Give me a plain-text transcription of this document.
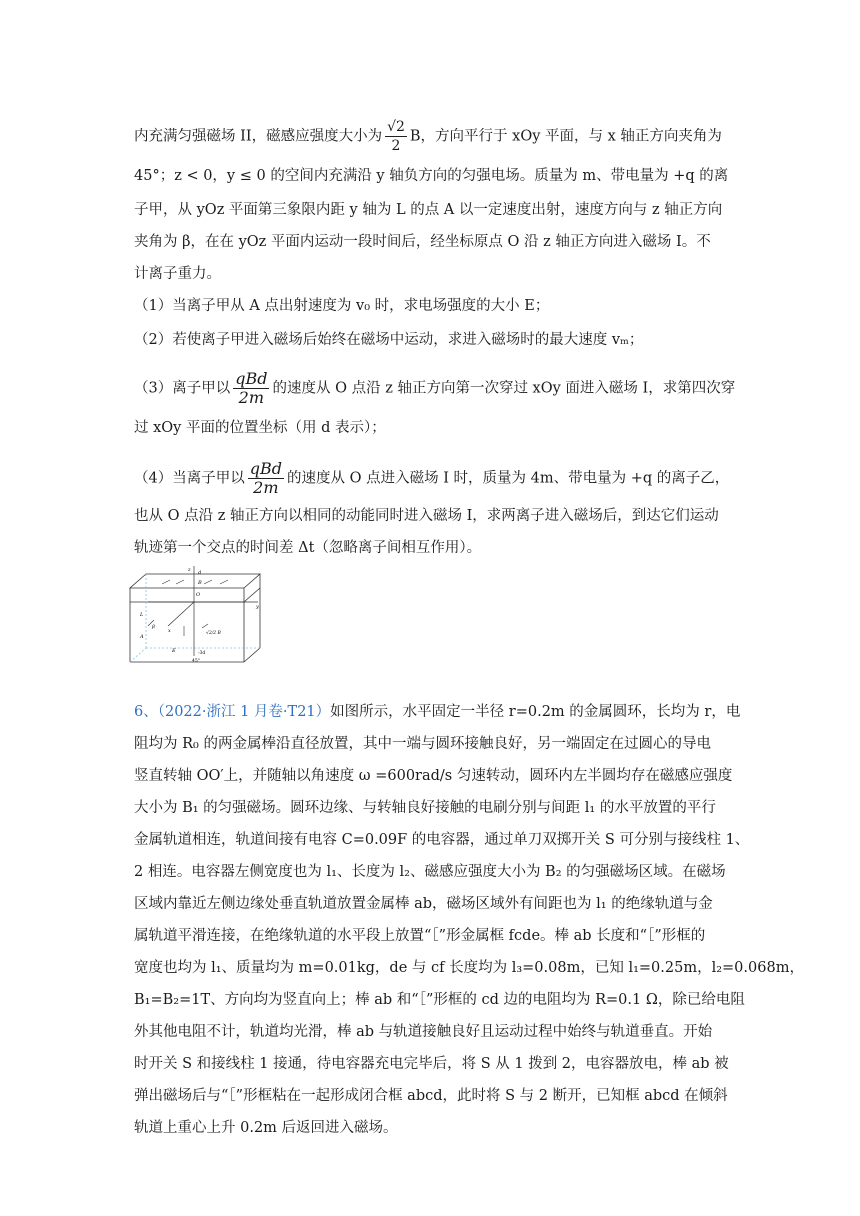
内充满匀强磁场 II，磁感应强度大小为 $\frac{√2}{2}$ B，方向平行于 xOy 平面，与 x 轴正方向夹角为
45°；z < 0，y ≤ 0 的空间内充满沿 y 轴负方向的匀强电场。质量为 m、带电量为 +q 的离
子甲，从 yOz 平面第三象限内距 y 轴为 L 的点 A 以一定速度出射，速度方向与 z 轴正方向
夹角为 β，在在 yOz 平面内运动一段时间后，经坐标原点 O 沿 z 轴正方向进入磁场 I。不
计离子重力。
（1）当离子甲从 A 点出射速度为 v₀ 时，求电场强度的大小 E；
（2）若使离子甲进入磁场后始终在磁场中运动，求进入磁场时的最大速度 vₘ；
（3）离子甲以 $\frac{\text{qBd}}{2m}$ 的速度从 O 点沿 z 轴正方向第一次穿过 xOy 面进入磁场 I，求第四次穿
过 xOy 平面的位置坐标（用 d 表示）；
（4）当离子甲以 $\frac{\text{qBd}}{2m}$ 的速度从 O 点进入磁场 I 时，质量为 4m、带电量为 +q 的离子乙，
也从 O 点沿 z 轴正方向以相同的动能同时进入磁场 I，求两离子进入磁场后，到达它们运动
轨迹第一个交点的时间差 Δt（忽略离子间相互作用）。
z d
B
O
y
L
β
A
x	√2/2 B
E	-3d
45°
6、（2022·浙江 1 月卷·T21）如图所示，水平固定一半径 r=0.2m 的金属圆环，长均为 r，电
阻均为 R₀ 的两金属棒沿直径放置，其中一端与圆环接触良好，另一端固定在过圆心的导电
竖直转轴 OO′上，并随轴以角速度 ω =600rad/s 匀速转动，圆环内左半圆均存在磁感应强度
大小为 B₁ 的匀强磁场。圆环边缘、与转轴良好接触的电刷分别与间距 l₁ 的水平放置的平行
金属轨道相连，轨道间接有电容 C=0.09F 的电容器，通过单刀双掷开关 S 可分别与接线柱 1、
2 相连。电容器左侧宽度也为 l₁、长度为 l₂、磁感应强度大小为 B₂ 的匀强磁场区域。在磁场
区域内靠近左侧边缘处垂直轨道放置金属棒 ab，磁场区域外有间距也为 l₁ 的绝缘轨道与金
属轨道平滑连接，在绝缘轨道的水平段上放置“［”形金属框 fcde。棒 ab 长度和“［”形框的
宽度也均为 l₁、质量均为 m=0.01kg，de 与 cf 长度均为 l₃=0.08m，已知 l₁=0.25m，l₂=0.068m，
B₁=B₂=1T、方向均为竖直向上；棒 ab 和“［”形框的 cd 边的电阻均为 R=0.1 Ω，除已给电阻
外其他电阻不计，轨道均光滑，棒 ab 与轨道接触良好且运动过程中始终与轨道垂直。开始
时开关 S 和接线柱 1 接通，待电容器充电完毕后，将 S 从 1 拨到 2，电容器放电，棒 ab 被
弹出磁场后与“［”形框粘在一起形成闭合框 abcd，此时将 S 与 2 断开，已知框 abcd 在倾斜
轨道上重心上升 0.2m 后返回进入磁场。
